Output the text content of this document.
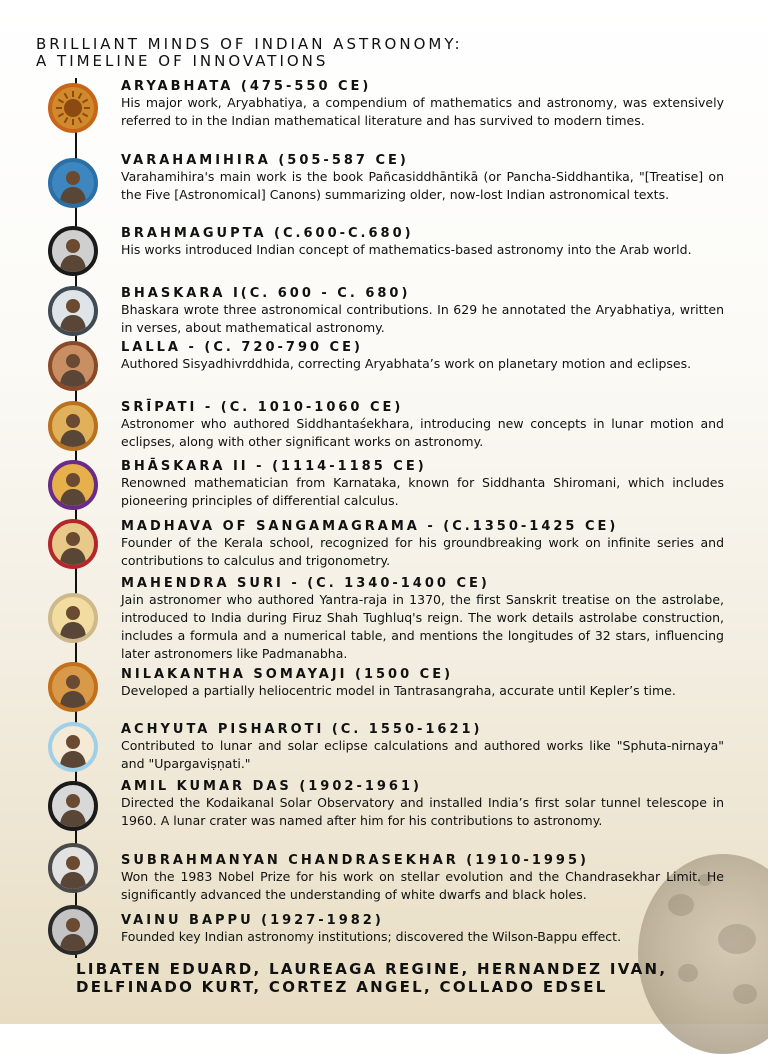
BRILLIANT MINDS OF INDIAN ASTRONOMY:
A TIMELINE OF INNOVATIONS

ARYABHATA (475-550 CE)

His major work, Aryabhatiya, a compendium of mathematics and astronomy, was extensively referred to in the Indian mathematical literature and has survived to modern times.

VARAHAMIHIRA (505-587 CE)

Varahamihira's main work is the book Pañcasiddhāntikā (or Pancha-Siddhantika, "[Treatise] on the Five [Astronomical] Canons) summarizing older, now-lost Indian astronomical texts.

BRAHMAGUPTA (C.600-C.680)

His works introduced Indian concept of mathematics-based astronomy into the Arab world.

BHASKARA I(C. 600 - C. 680)

Bhaskara wrote three astronomical contributions. In 629 he annotated the Aryabhatiya, written in verses, about mathematical astronomy.

LALLA - (C. 720-790 CE)

Authored Sisyadhivrddhida, correcting Aryabhata’s work on planetary motion and eclipses.

SRĪPATI - (C. 1010-1060 CE)

Astronomer who authored Siddhantaśekhara, introducing new concepts in lunar motion and eclipses, along with other significant works on astronomy.

BHĀSKARA II - (1114-1185 CE)

Renowned mathematician from Karnataka, known for Siddhanta Shiromani, which includes pioneering principles of differential calculus.

MADHAVA OF SANGAMAGRAMA - (C.1350-1425 CE)

Founder of the Kerala school, recognized for his groundbreaking work on infinite series and contributions to calculus and trigonometry.

MAHENDRA SURI - (C. 1340-1400 CE)

Jain astronomer who authored Yantra-raja in 1370, the first Sanskrit treatise on the astrolabe, introduced to India during Firuz Shah Tughluq's reign. The work details astrolabe construction, includes a formula and a numerical table, and mentions the longitudes of 32 stars, influencing later astronomers like Padmanabha.

NILAKANTHA SOMAYAJI (1500 CE)

Developed a partially heliocentric model in Tantrasangraha, accurate until Kepler’s time.

ACHYUTA PISHAROTI (C. 1550-1621)

Contributed to lunar and solar eclipse calculations and authored works like "Sphuta-nirnaya" and "Upargaviṣṇati."

AMIL KUMAR DAS (1902-1961)

Directed the Kodaikanal Solar Observatory and installed India’s first solar tunnel telescope in 1960. A lunar crater was named after him for his contributions to astronomy.

SUBRAHMANYAN CHANDRASEKHAR (1910-1995)

Won the 1983 Nobel Prize for his work on stellar evolution and the Chandrasekhar Limit. He significantly advanced the understanding of white dwarfs and black holes.

VAINU BAPPU (1927-1982)

Founded key Indian astronomy institutions; discovered the Wilson-Bappu effect.

LIBATEN EDUARD, LAUREAGA REGINE, HERNANDEZ IVAN,
DELFINADO KURT, CORTEZ ANGEL, COLLADO EDSEL
